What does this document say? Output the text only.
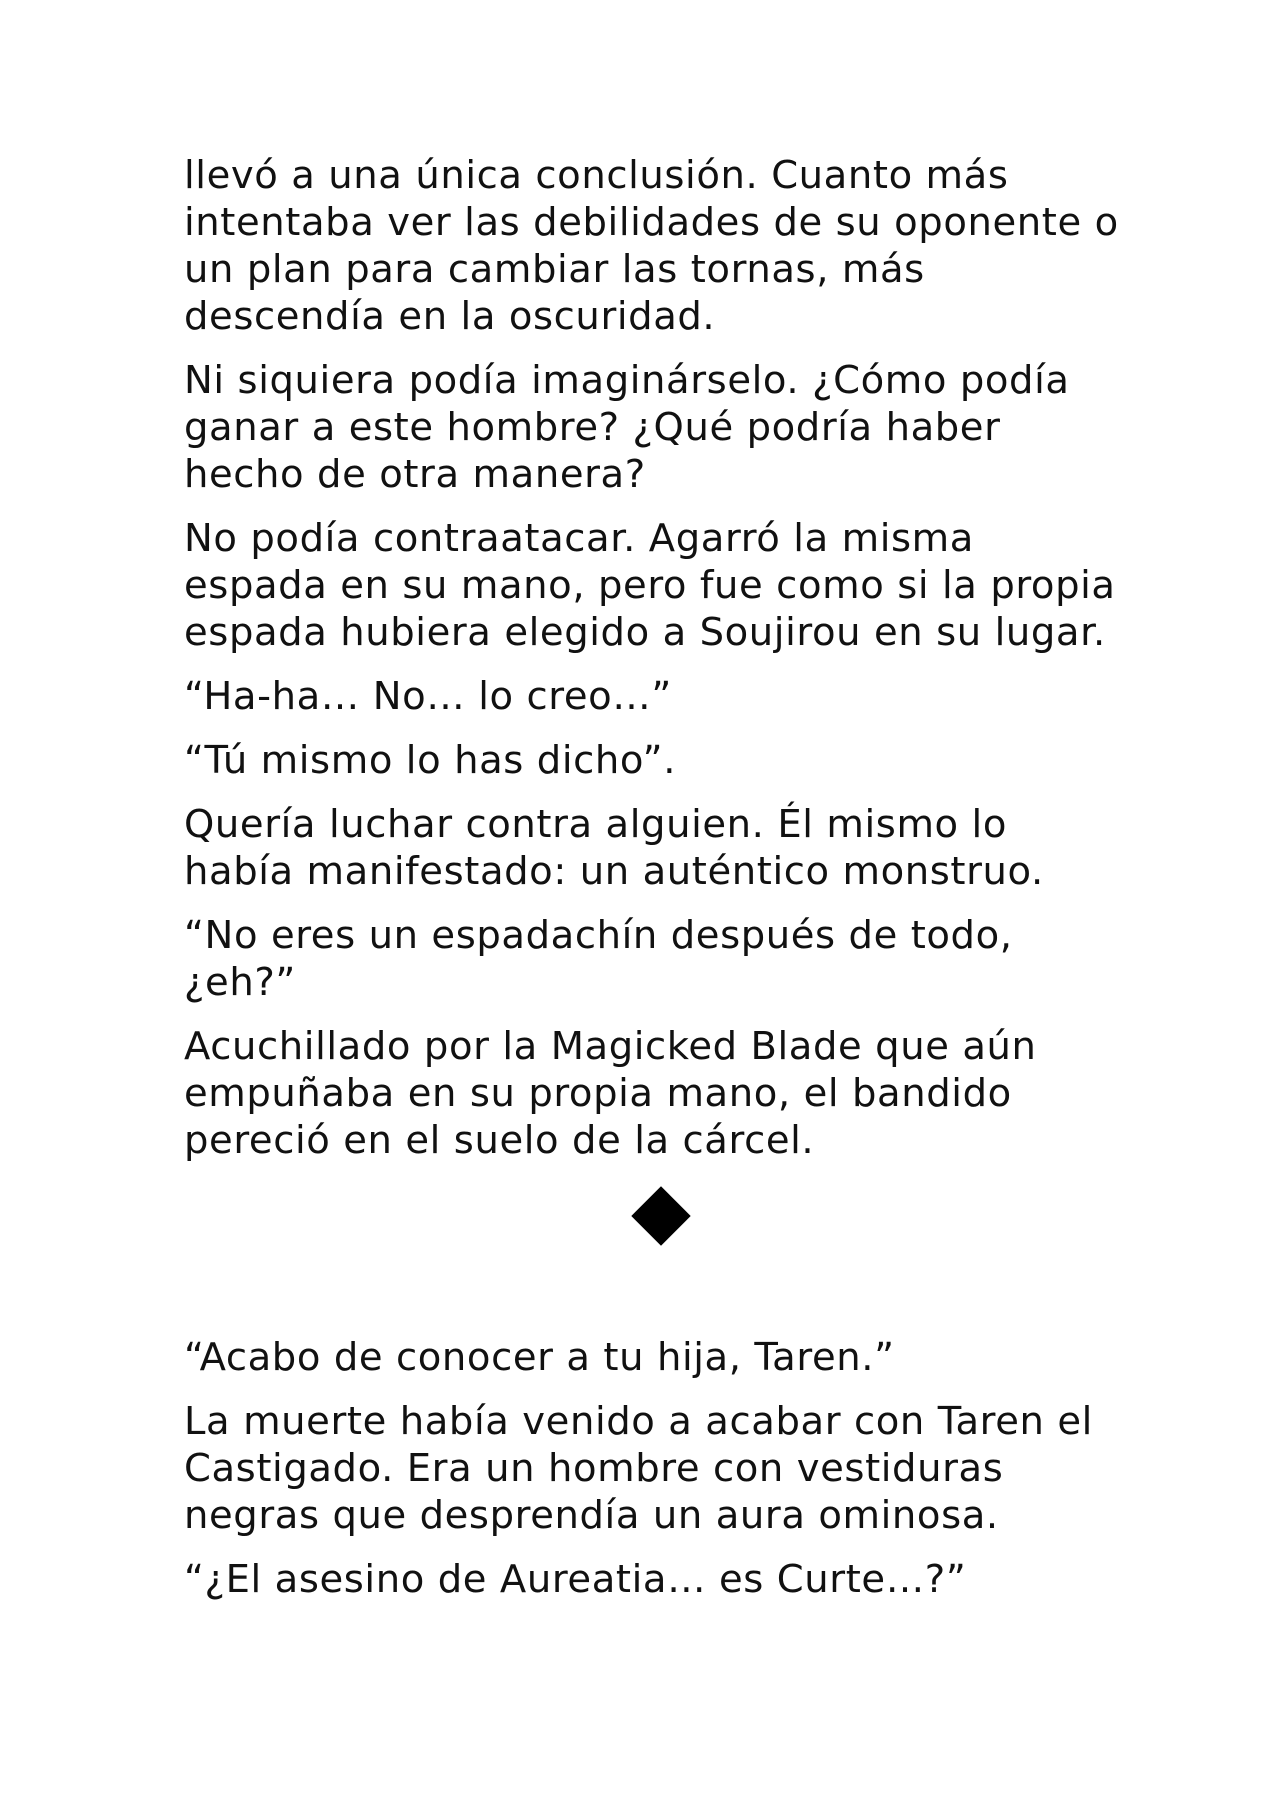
llevó a una única conclusión. Cuanto más intentaba ver las debilidades de su oponente o un plan para cambiar las tornas, más descendía en la oscuridad.

Ni siquiera podía imaginárselo. ¿Cómo podía ganar a este hombre? ¿Qué podría haber hecho de otra manera?

No podía contraatacar. Agarró la misma espada en su mano, pero fue como si la propia espada hubiera elegido a Soujirou en su lugar.

“Ha-ha… No… lo creo…”

“Tú mismo lo has dicho”.

Quería luchar contra alguien. Él mismo lo había manifestado: un auténtico monstruo.

“No eres un espadachín después de todo, ¿eh?”

Acuchillado por la Magicked Blade que aún empuñaba en su propia mano, el bandido pereció en el suelo de la cárcel.

“Acabo de conocer a tu hija, Taren.”

La muerte había venido a acabar con Taren el Castigado. Era un hombre con vestiduras negras que desprendía un aura ominosa.

“¿El asesino de Aureatia… es Curte…?”
